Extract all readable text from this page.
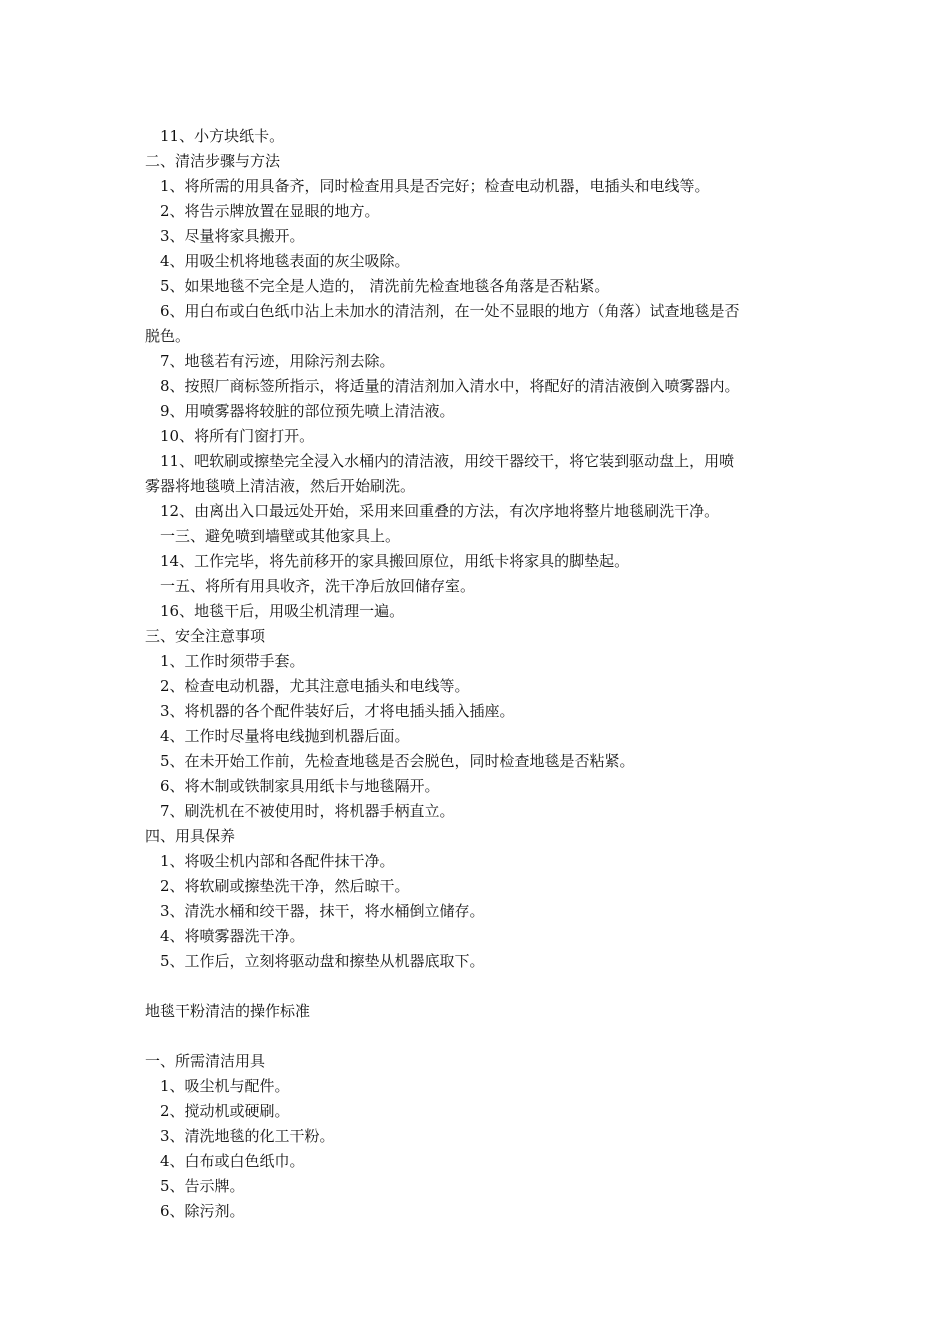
11、小方块纸卡。
二、清洁步骤与方法
1、将所需的用具备齐，同时检查用具是否完好；检查电动机器，电插头和电线等。
2、将告示牌放置在显眼的地方。
3、尽量将家具搬开。
4、用吸尘机将地毯表面的灰尘吸除。
5、如果地毯不完全是人造的， 清洗前先检查地毯各角落是否粘紧。
6、用白布或白色纸巾沾上未加水的清洁剂，在一处不显眼的地方（角落）试查地毯是否
脱色。
7、地毯若有污迹，用除污剂去除。
8、按照厂商标签所指示，将适量的清洁剂加入清水中，将配好的清洁液倒入喷雾器内。
9、用喷雾器将较脏的部位预先喷上清洁液。
10、将所有门窗打开。
11、吧软刷或擦垫完全浸入水桶内的清洁液，用绞干器绞干，将它装到驱动盘上，用喷
雾器将地毯喷上清洁液，然后开始刷洗。
12、由离出入口最远处开始，采用来回重叠的方法，有次序地将整片地毯刷洗干净。
一三、避免喷到墙壁或其他家具上。
14、工作完毕，将先前移开的家具搬回原位，用纸卡将家具的脚垫起。
一五、将所有用具收齐，洗干净后放回储存室。
16、地毯干后，用吸尘机清理一遍。
三、安全注意事项
1、工作时须带手套。
2、检查电动机器，尤其注意电插头和电线等。
3、将机器的各个配件装好后，才将电插头插入插座。
4、工作时尽量将电线抛到机器后面。
5、在未开始工作前，先检查地毯是否会脱色，同时检查地毯是否粘紧。
6、将木制或铁制家具用纸卡与地毯隔开。
7、刷洗机在不被使用时，将机器手柄直立。
四、用具保养
1、将吸尘机内部和各配件抹干净。
2、将软刷或擦垫洗干净，然后晾干。
3、清洗水桶和绞干器，抹干，将水桶倒立储存。
4、将喷雾器洗干净。
5、工作后，立刻将驱动盘和擦垫从机器底取下。
地毯干粉清洁的操作标准
一、所需清洁用具
1、吸尘机与配件。
2、搅动机或硬刷。
3、清洗地毯的化工干粉。
4、白布或白色纸巾。
5、告示牌。
6、除污剂。
